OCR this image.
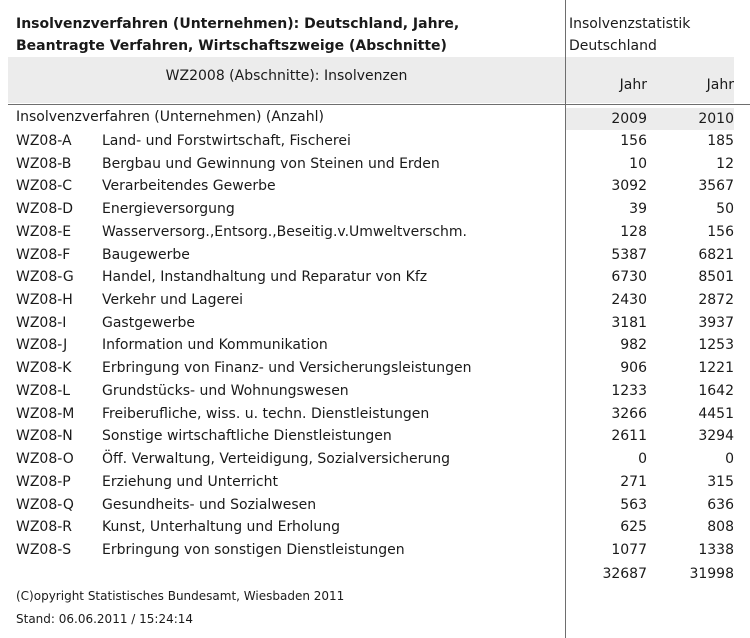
Insolvenzverfahren (Unternehmen): Deutschland, Jahre,
Beantragte Verfahren, Wirtschaftszweige (Abschnitte)
Insolvenzstatistik
Deutschland
WZ2008 (Abschnitte): Insolvenzen
Jahr	Jahr
Insolvenzverfahren (Unternehmen) (Anzahl)	2009	2010
WZ08-A Land- und Forstwirtschaft, Fischerei	156	185
WZ08-B Bergbau und Gewinnung von Steinen und Erden	10	12
WZ08-C Verarbeitendes Gewerbe	3092	3567
WZ08-D Energieversorgung	39	50
WZ08-E Wasserversorg.,Entsorg.,Beseitig.v.Umweltverschm.	128	156
WZ08-F Baugewerbe	5387	6821
WZ08-G Handel, Instandhaltung und Reparatur von Kfz	6730	8501
WZ08-H Verkehr und Lagerei	2430	2872
WZ08-I	Gastgewerbe	3181	3937
WZ08-J Information und Kommunikation	982	1253
WZ08-K Erbringung von Finanz- und Versicherungsleistungen	906	1221
WZ08-L Grundstücks- und Wohnungswesen	1233	1642
WZ08-M Freiberufliche, wiss. u. techn. Dienstleistungen	3266	4451
WZ08-N Sonstige wirtschaftliche Dienstleistungen	2611	3294
WZ08-O Öff. Verwaltung, Verteidigung, Sozialversicherung	0	0
WZ08-P Erziehung und Unterricht	271	315
WZ08-Q Gesundheits- und Sozialwesen	563	636
WZ08-R Kunst, Unterhaltung und Erholung	625	808
WZ08-S Erbringung von sonstigen Dienstleistungen	1077	1338
32687	31998
(C)opyright Statistisches Bundesamt, Wiesbaden 2011
Stand: 06.06.2011 / 15:24:14
